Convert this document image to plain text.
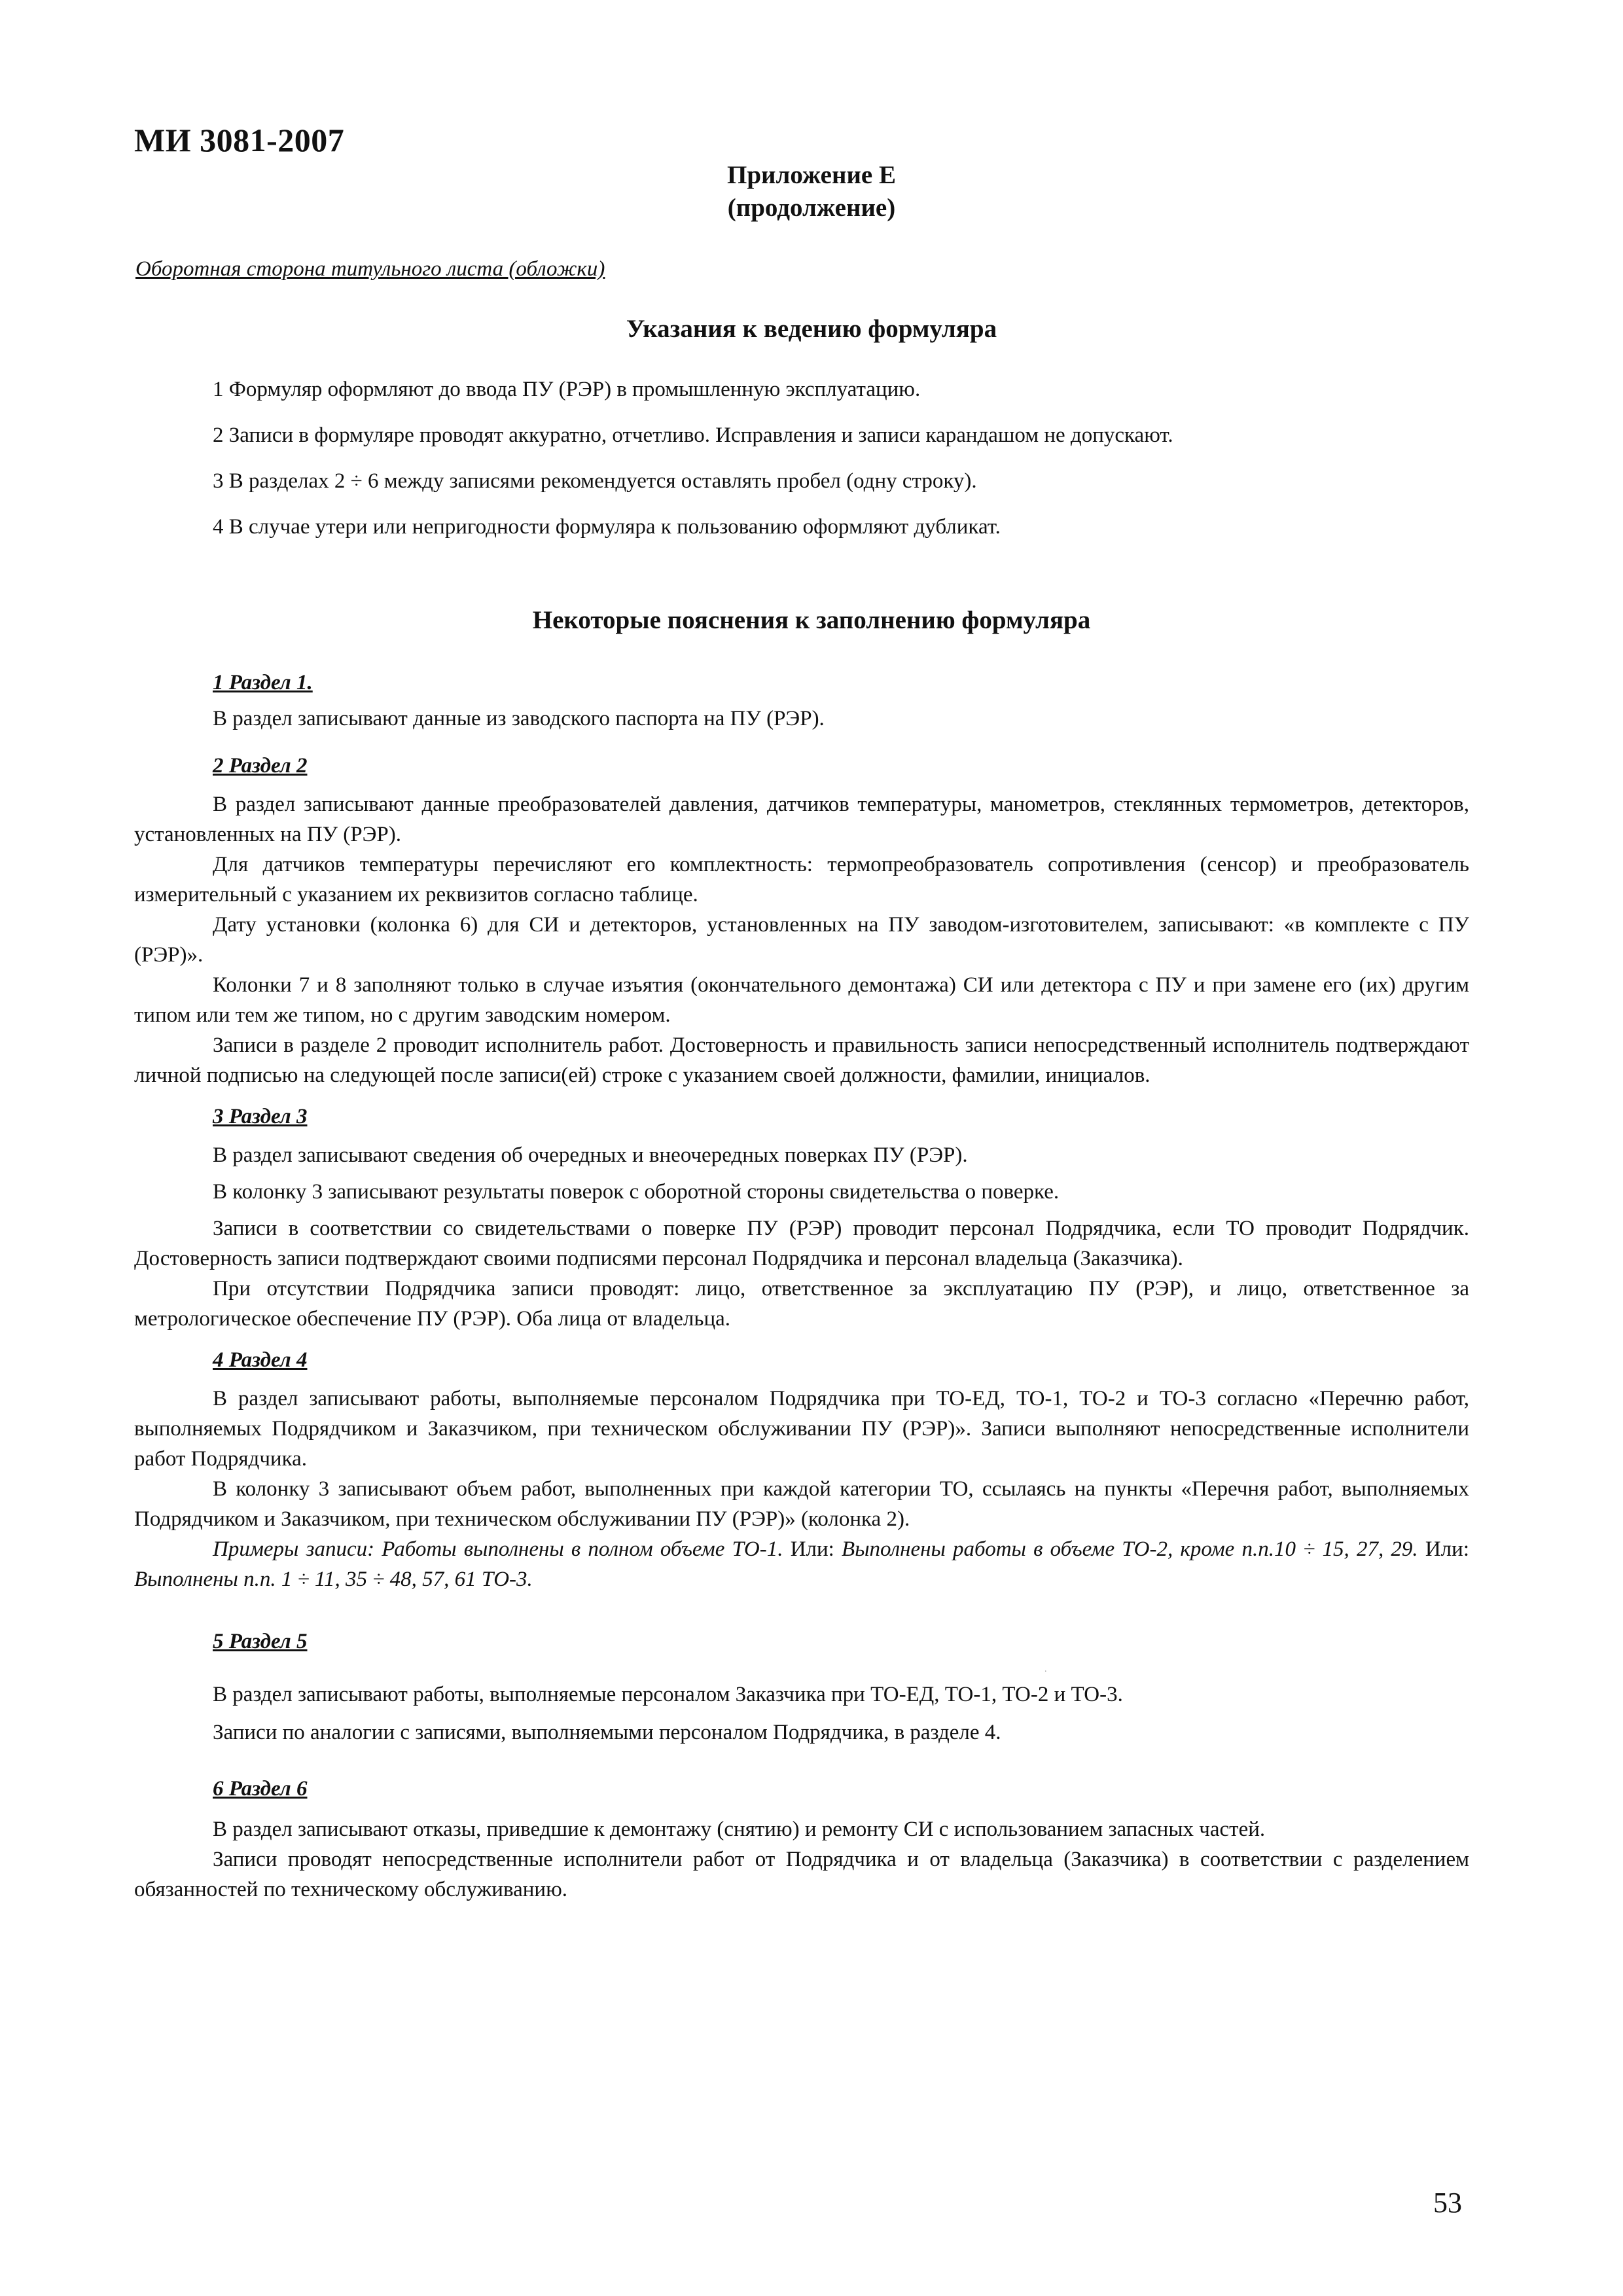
МИ 3081-2007
Приложение Е
(продолжение)
Оборотная сторона титульного листа (обложки)
Указания к ведению формуляра
1 Формуляр оформляют до ввода ПУ (РЭР) в промышленную эксплуатацию.
2 Записи в формуляре проводят аккуратно, отчетливо. Исправления и записи карандашом не допускают.
3 В разделах 2 ÷ 6 между записями рекомендуется оставлять пробел (одну строку).
4 В случае утери или непригодности формуляра к пользованию оформляют дубликат.
Некоторые пояснения к заполнению формуляра
1 Раздел 1.
В раздел записывают данные из заводского паспорта на ПУ (РЭР).
2 Раздел 2
В раздел записывают данные преобразователей давления, датчиков температуры, манометров, стеклянных термометров, детекторов, установленных на ПУ (РЭР).
Для датчиков температуры перечисляют его комплектность: термопреобразователь сопротивления (сенсор) и преобразователь измерительный с указанием их реквизитов согласно таблице.
Дату установки (колонка 6) для СИ и детекторов, установленных на ПУ заводом-изготовителем, записывают: «в комплекте с ПУ (РЭР)».
Колонки 7 и 8 заполняют только в случае изъятия (окончательного демонтажа) СИ или детектора с ПУ и при замене его (их) другим типом или тем же типом, но с другим заводским номером.
Записи в разделе 2 проводит исполнитель работ. Достоверность и правильность записи непосредственный исполнитель подтверждают личной подписью на следующей после записи(ей) строке с указанием своей должности, фамилии, инициалов.
3 Раздел 3
В раздел записывают сведения об очередных и внеочередных поверках ПУ (РЭР).
В колонку 3 записывают результаты поверок с оборотной стороны свидетельства о поверке.
Записи в соответствии со свидетельствами о поверке ПУ (РЭР) проводит персонал Подрядчика, если ТО проводит Подрядчик. Достоверность записи подтверждают своими подписями персонал Подрядчика и персонал владельца (Заказчика).
При отсутствии Подрядчика записи проводят: лицо, ответственное за эксплуатацию ПУ (РЭР), и лицо, ответственное за метрологическое обеспечение ПУ (РЭР). Оба лица от владельца.
4 Раздел 4
В раздел записывают работы, выполняемые персоналом Подрядчика при ТО-ЕД, ТО-1, ТО-2 и ТО-3 согласно «Перечню работ, выполняемых Подрядчиком и Заказчиком, при техническом обслуживании ПУ (РЭР)». Записи выполняют непосредственные исполнители работ Подрядчика.
В колонку 3 записывают объем работ, выполненных при каждой категории ТО, ссылаясь на пункты «Перечня работ, выполняемых Подрядчиком и Заказчиком, при техническом обслуживании ПУ (РЭР)» (колонка 2).
Примеры записи: Работы выполнены в полном объеме ТО-1. Или: Выполнены работы в объеме ТО-2, кроме п.п.10 ÷ 15, 27, 29. Или: Выполнены п.п. 1 ÷ 11, 35 ÷ 48, 57, 61 ТО-3.
.
5 Раздел 5
В раздел записывают работы, выполняемые персоналом Заказчика при ТО-ЕД, ТО-1, ТО-2 и ТО-3.
Записи по аналогии с записями, выполняемыми персоналом Подрядчика, в разделе 4.
6 Раздел 6
В раздел записывают отказы, приведшие к демонтажу (снятию) и ремонту СИ с использованием запасных частей.
Записи проводят непосредственные исполнители работ от Подрядчика и от владельца (Заказчика) в соответствии с разделением обязанностей по техническому обслуживанию.
53
